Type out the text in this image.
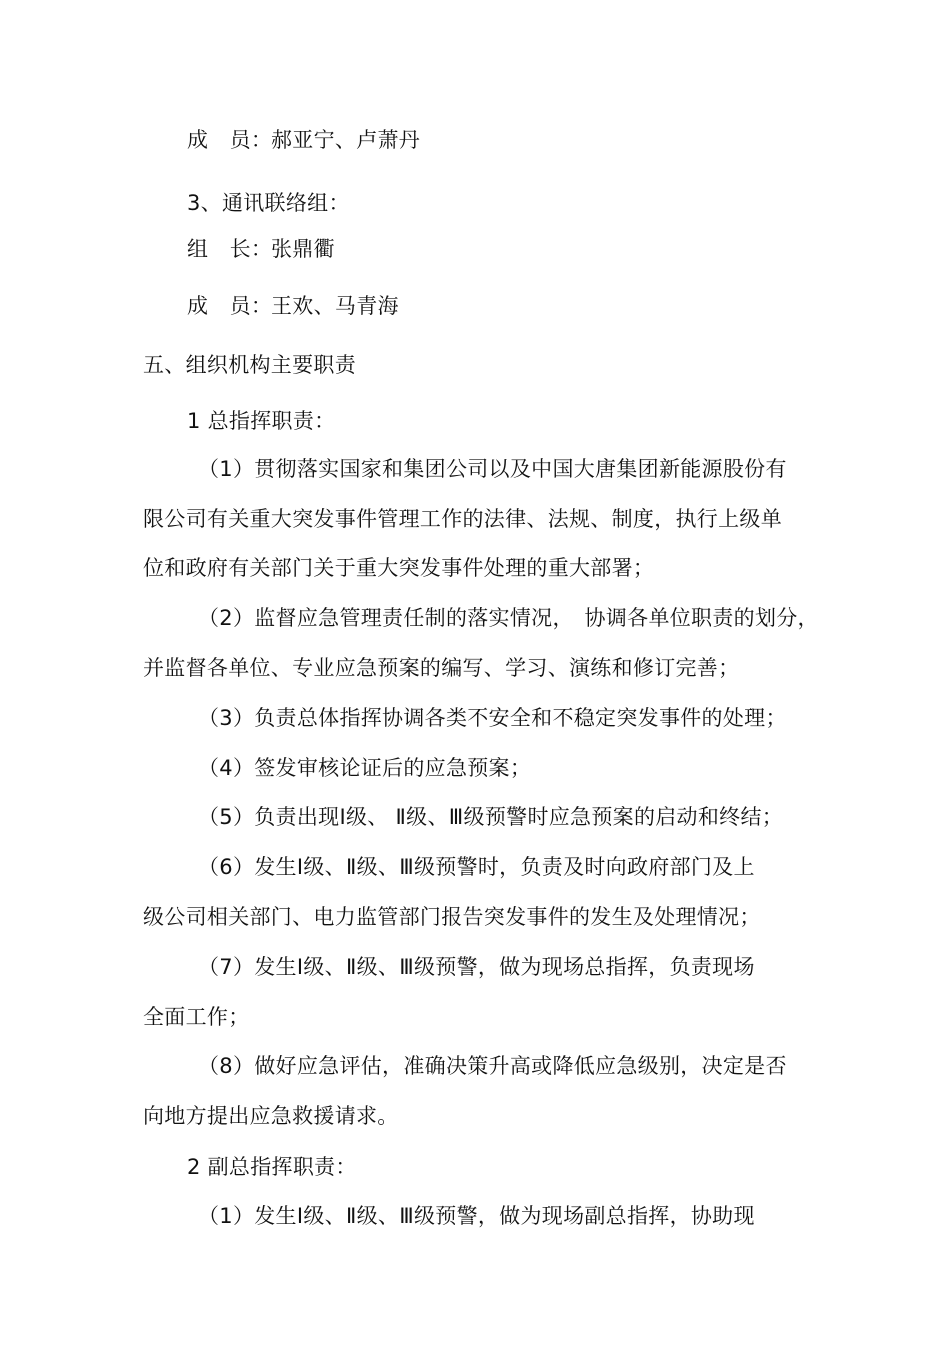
成　员：郝亚宁、卢萧丹
3、通讯联络组：
组　长：张鼎衢
成　员：王欢、马青海
五、组织机构主要职责
1 总指挥职责：
（1）贯彻落实国家和集团公司以及中国大唐集团新能源股份有
限公司有关重大突发事件管理工作的法律、法规、制度，执行上级单
位和政府有关部门关于重大突发事件处理的重大部署；
（2）监督应急管理责任制的落实情况，　协调各单位职责的划分，
并监督各单位、专业应急预案的编写、学习、演练和修订完善；
（3）负责总体指挥协调各类不安全和不稳定突发事件的处理；
（4）签发审核论证后的应急预案；
（5）负责出现Ⅰ级、 Ⅱ级、Ⅲ级预警时应急预案的启动和终结；
（6）发生Ⅰ级、Ⅱ级、Ⅲ级预警时，负责及时向政府部门及上
级公司相关部门、电力监管部门报告突发事件的发生及处理情况；
（7）发生Ⅰ级、Ⅱ级、Ⅲ级预警，做为现场总指挥，负责现场
全面工作；
（8）做好应急评估，准确决策升高或降低应急级别，决定是否
向地方提出应急救援请求。
2 副总指挥职责：
（1）发生Ⅰ级、Ⅱ级、Ⅲ级预警，做为现场副总指挥，协助现
